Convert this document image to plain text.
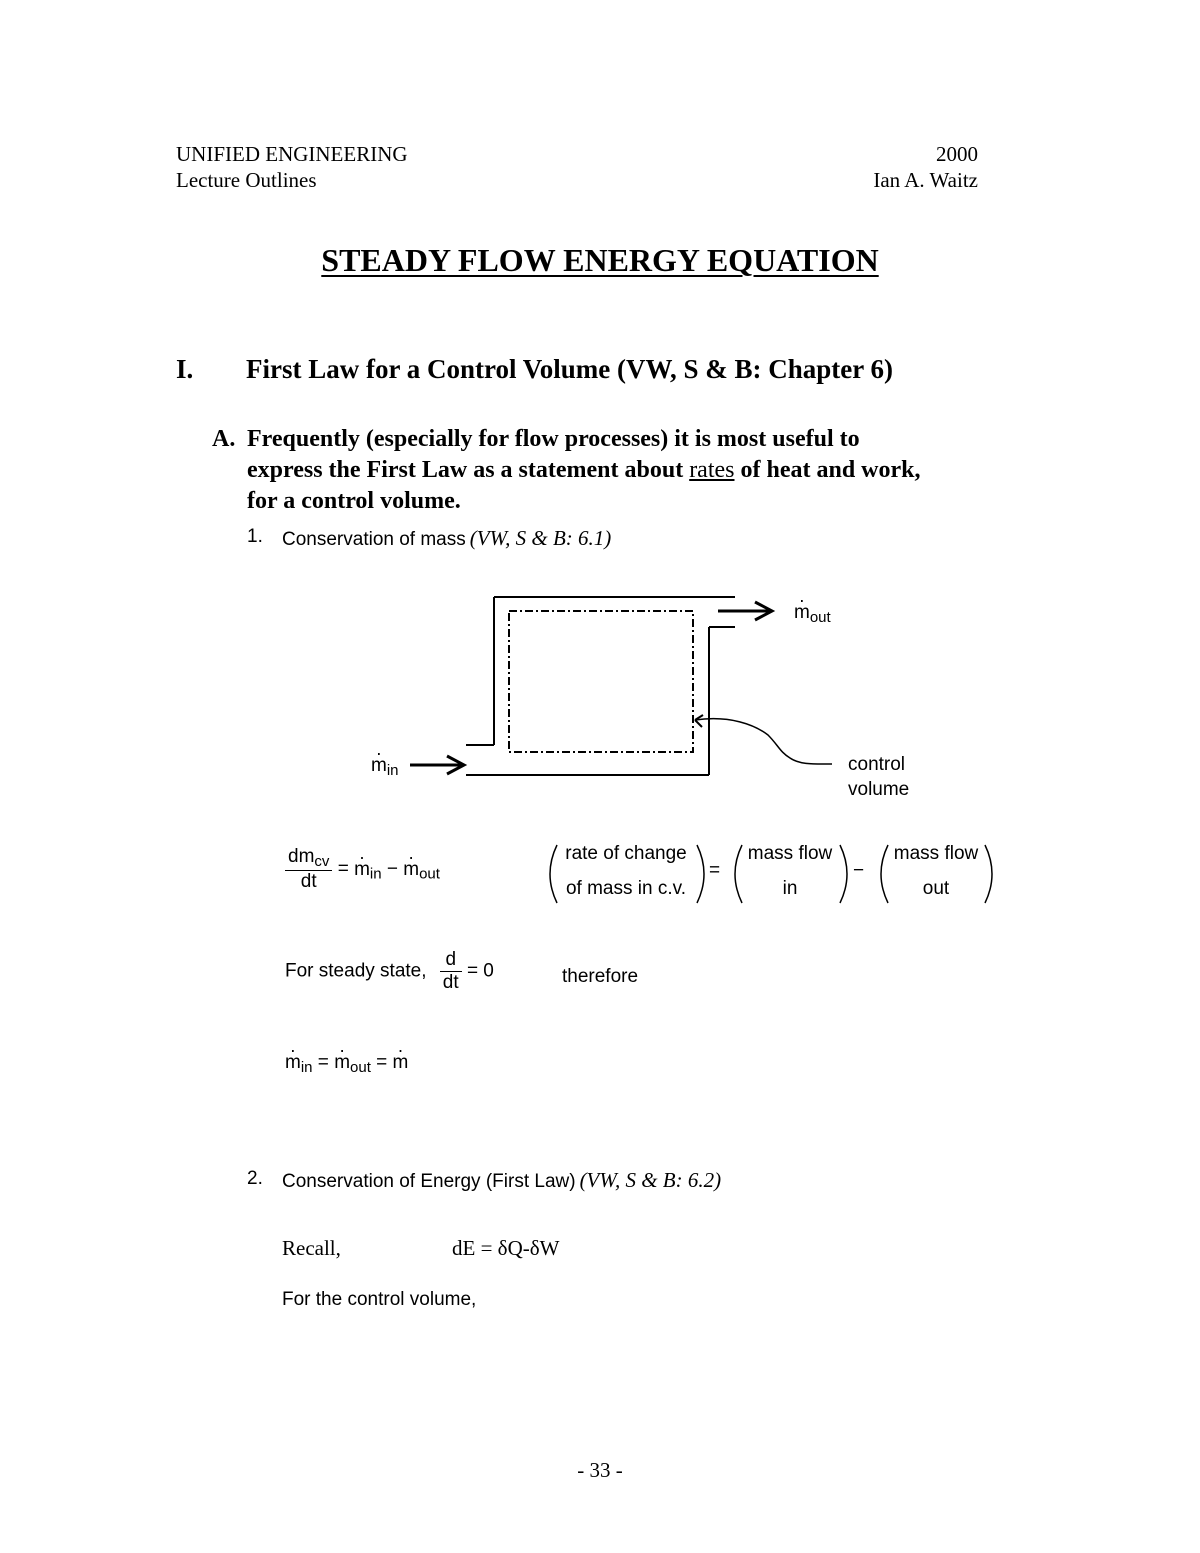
UNIFIED ENGINEERING	2000
Lecture Outlines	Ian A. Waitz
STEADY FLOW ENERGY EQUATION
I. First Law for a Control Volume (VW, S & B: Chapter 6)
A. Frequently (especially for flow processes) it is most useful to
express the First Law as a statement about rates of heat and work,
for a control volume.
1. Conservation of mass (VW, S & B: 6.1)
· $m_{out}$
· $m_{in}$	control
volume
$\frac{dm_{cv}}{dt}$ = · $m_{in}$ − · $m_{out}$
rate of change
of mass in c.v.
=
mass flow
in
−
mass flow
out
For steady state, $\frac{d}{dt} = 0$	therefore
· $m_{in}$ = · $m_{out}$ = · m
2. Conservation of Energy (First Law) (VW, S & B: 6.2)
Recall,	dE = δQ-δW
For the control volume,
- 33 -
